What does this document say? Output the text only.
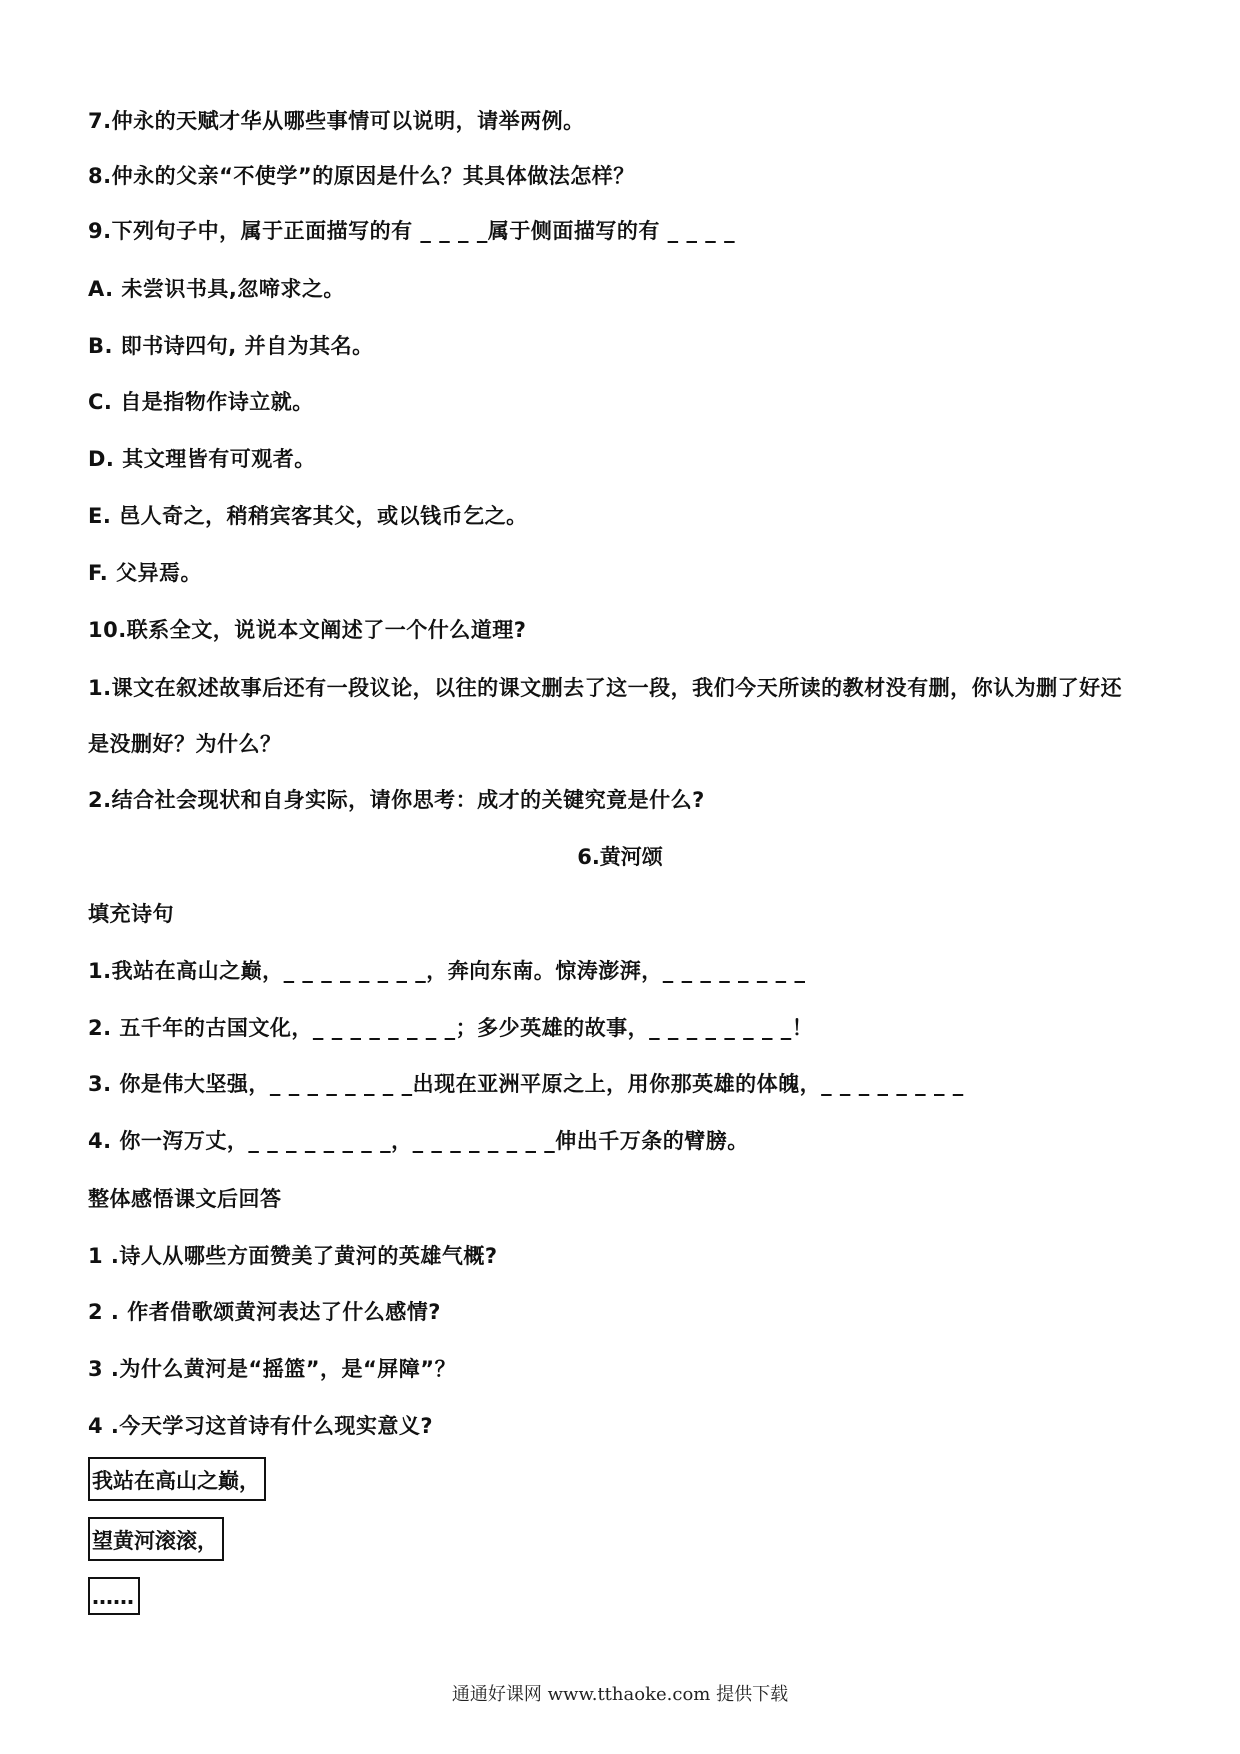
7.仲永的天赋才华从哪些事情可以说明，请举两例。
8.仲永的父亲“不使学”的原因是什么？其具体做法怎样？
9.下列句子中，属于正面描写的有 _ _ _ _属于侧面描写的有 _ _ _ _
A. 未尝识书具,忽啼求之。
B. 即书诗四句, 并自为其名。
C. 自是指物作诗立就。
D. 其文理皆有可观者。
E. 邑人奇之，稍稍宾客其父，或以钱币乞之。
F. 父异焉。
10.联系全文，说说本文阐述了一个什么道理?
1.课文在叙述故事后还有一段议论，以往的课文删去了这一段，我们今天所读的教材没有删，你认为删了好还
是没删好？为什么？
2.结合社会现状和自身实际，请你思考：成才的关键究竟是什么?
6.黄河颂
填充诗句
1.我站在高山之巅，_ _ _ _ _ _ _ _，奔向东南。惊涛澎湃，_ _ _ _ _ _ _ _
2. 五千年的古国文化，_ _ _ _ _ _ _ _；多少英雄的故事，_ _ _ _ _ _ _ _！
3. 你是伟大坚强，_ _ _ _ _ _ _ _出现在亚洲平原之上，用你那英雄的体魄，_ _ _ _ _ _ _ _
4. 你一泻万丈，_ _ _ _ _ _ _ _，_ _ _ _ _ _ _ _伸出千万条的臂膀。
整体感悟课文后回答
1 .诗人从哪些方面赞美了黄河的英雄气概?
2 . 作者借歌颂黄河表达了什么感情?
3 .为什么黄河是“摇篮”，是“屏障”？
4 .今天学习这首诗有什么现实意义?
我站在高山之巅，
望黄河滚滚，
……
通通好课网 www.tthaoke.com 提供下载
